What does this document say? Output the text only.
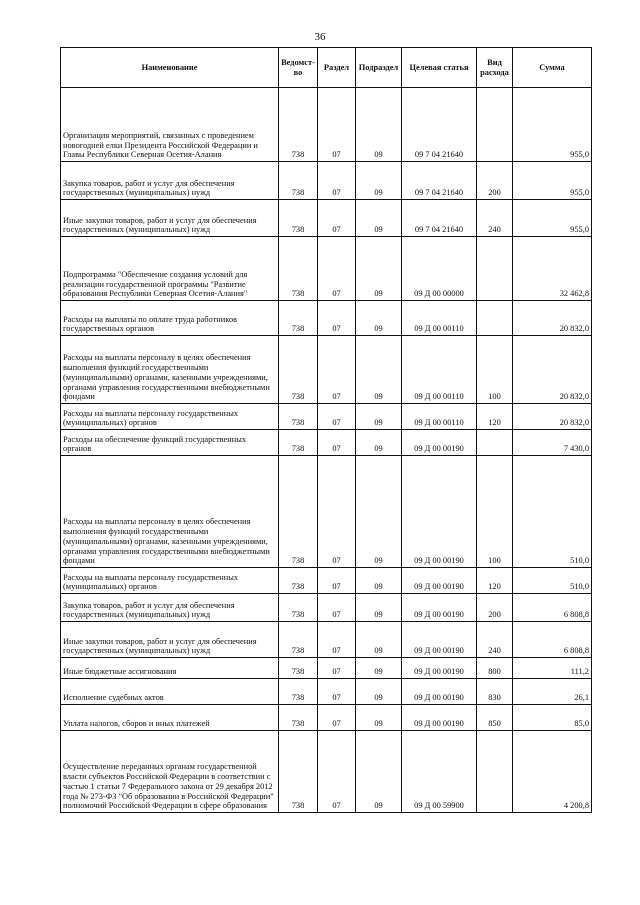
36
Наименование	Ведомст-во	Раздел	Подраздел	Целевая статья	Вид расхода	Сумма
Организация мероприятий, связанных с проведением новогодней елки Президента Российской Федерации и Главы Республики Северная Осетия-Алания	738	07	09	09 7 04 21640		955,0
Закупка товаров, работ и услуг для обеспечения государственных (муниципальных) нужд	738	07	09	09 7 04 21640	200	955,0
Иные закупки товаров, работ и услуг для обеспечения государственных (муниципальных) нужд	738	07	09	09 7 04 21640	240	955,0
Подпрограмма "Обеспечение создания условий для реализации государственной программы "Развитие образования Республики Северная Осетия-Алания"	738	07	09	09 Д 00 00000		32 462,8
Расходы на выплаты по оплате труда работников государственных органов	738	07	09	09 Д 00 00110		20 832,0
Расходы на выплаты персоналу в целях обеспечения выполнения функций государственными (муниципальными) органами, казенными учреждениями, органами управления государственными внебюджетными фондами	738	07	09	09 Д 00 00110	100	20 832,0
Расходы на выплаты персоналу государственных (муниципальных) органов	738	07	09	09 Д 00 00110	120	20 832,0
Расходы на обеспечение функций государственных органов	738	07	09	09 Д 00 00190		7 430,0
Расходы на выплаты персоналу в целях обеспечения выполнения функций государственными (муниципальными) органами, казенными учреждениями, органами управления государственными внебюджетными фондами	738	07	09	09 Д 00 00190	100	510,0
Расходы на выплаты персоналу государственных (муниципальных) органов	738	07	09	09 Д 00 00190	120	510,0
Закупка товаров, работ и услуг для обеспечения государственных (муниципальных) нужд	738	07	09	09 Д 00 00190	200	6 808,8
Иные закупки товаров, работ и услуг для обеспечения государственных (муниципальных) нужд	738	07	09	09 Д 00 00190	240	6 808,8
Иные бюджетные ассигнования	738	07	09	09 Д 00 00190	800	111,2
Исполнение судебных актов	738	07	09	09 Д 00 00190	830	26,1
Уплата налогов, сборов и иных платежей	738	07	09	09 Д 00 00190	850	85,0
Осуществление переданных органам государственной власти субъектов Российской Федерации в соответствии с частью 1 статьи 7 Федерального закона от 29 декабря 2012 года № 273-ФЗ "Об образовании в Российской Федерации" полномочий Российской Федерации в сфере образования	738	07	09	09 Д 00 59900		4 200,8
